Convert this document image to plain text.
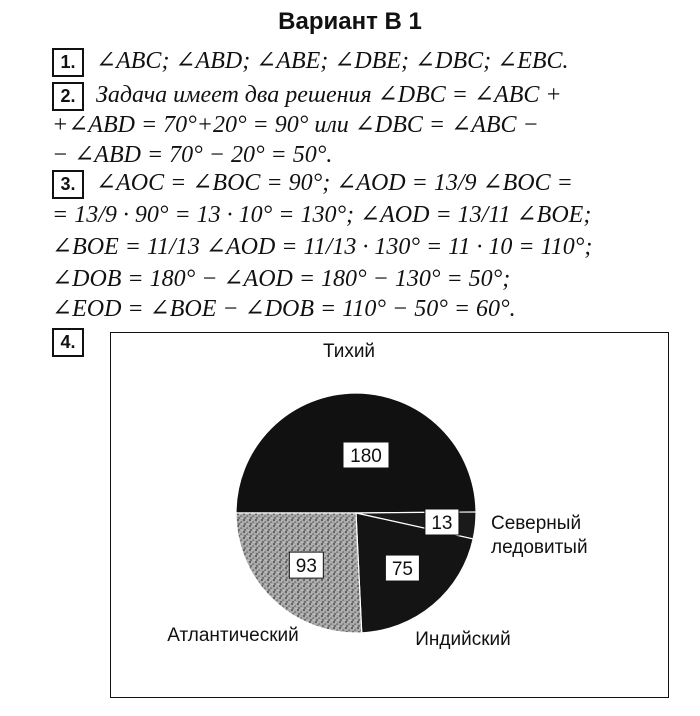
Вариант В 1
1. ∠ABC; ∠ABD; ∠ABE; ∠DBE; ∠DBC; ∠EBC.
2. Задача имеет два решения ∠DBC = ∠ABC +
+∠ABD = 70°+20° = 90° или ∠DBC = ∠ABC −
− ∠ABD = 70° − 20° = 50°.
3. ∠AOC = ∠BOC = 90°; ∠AOD = 13/9 ∠BOC =
= 13/9 · 90° = 13 · 10° = 130°; ∠AOD = 13/11 ∠BOE;
∠BOE = 11/13 ∠AOD = 11/13 · 130° = 11 · 10 = 110°;
∠DOB = 180° − ∠AOD = 180° − 130° = 50°;
∠EOD = ∠BOE − ∠DOB = 110° − 50° = 60°.
4.
180
13
75
93
Тихий
Северный
ледовитый
Индийский
Атлантический
